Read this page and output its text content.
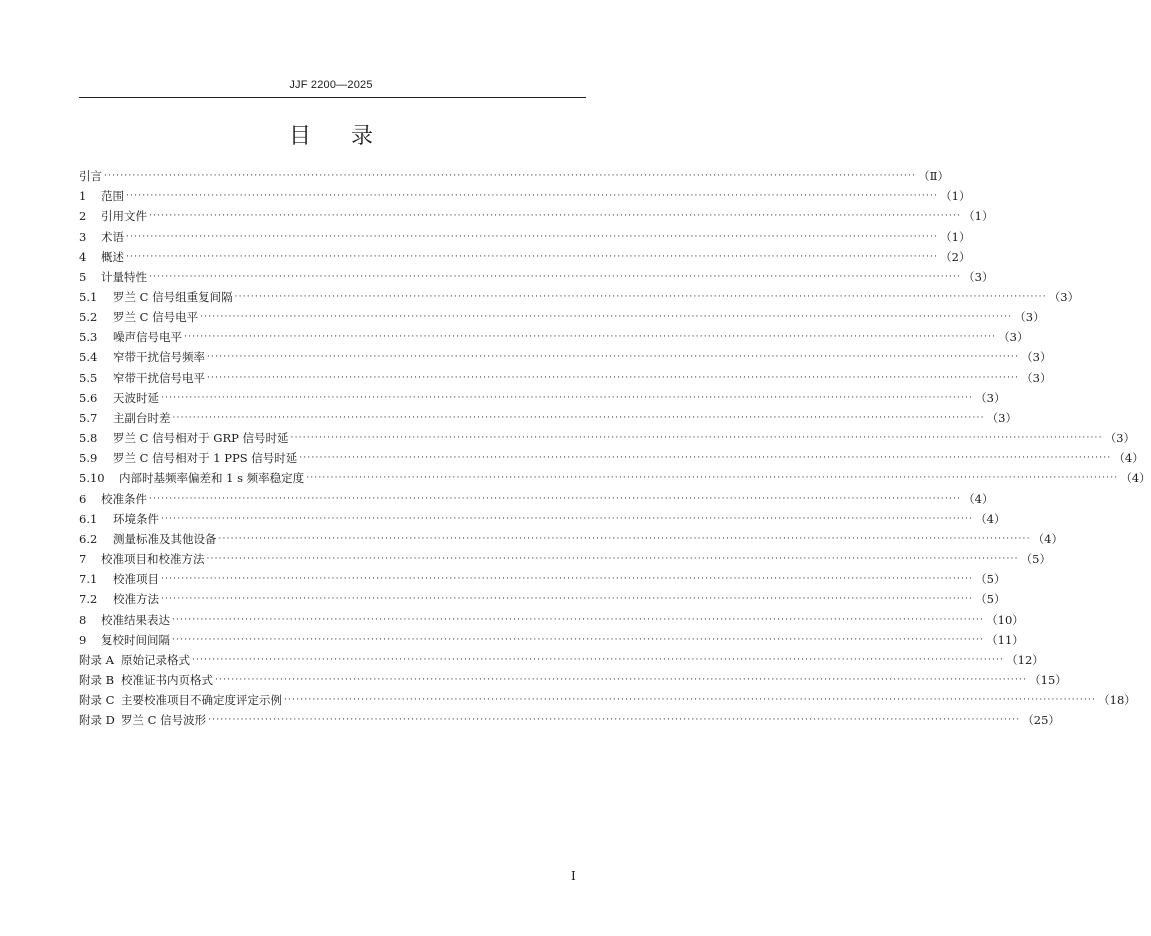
JJF 2200—2025
目录
引言 ········································································································································································································ （Ⅱ）
1	范围 ········································································································································································································ （1）
2	引用文件 ········································································································································································································ （1）
3	术语 ········································································································································································································ （1）
4	概述 ········································································································································································································ （2）
5	计量特性 ········································································································································································································ （3）
5.1	罗兰 C 信号组重复间隔 ········································································································································································································ （3）
5.2	罗兰 C 信号电平 ········································································································································································································ （3）
5.3	噪声信号电平 ········································································································································································································ （3）
5.4	窄带干扰信号频率 ········································································································································································································ （3）
5.5	窄带干扰信号电平 ········································································································································································································ （3）
5.6	天波时延 ········································································································································································································ （3）
5.7	主副台时差 ········································································································································································································ （3）
5.8	罗兰 C 信号相对于 GRP 信号时延 ········································································································································································································ （3）
5.9	罗兰 C 信号相对于 1 PPS 信号时延 ········································································································································································································ （4）
5.10	内部时基频率偏差和 1 s 频率稳定度 ········································································································································································································ （4）
6	校准条件 ········································································································································································································ （4）
6.1	环境条件 ········································································································································································································ （4）
6.2	测量标准及其他设备 ········································································································································································································ （4）
7	校准项目和校准方法 ········································································································································································································ （5）
7.1	校准项目 ········································································································································································································ （5）
7.2	校准方法 ········································································································································································································ （5）
8	校准结果表达 ········································································································································································································ （10）
9	复校时间间隔 ········································································································································································································ （11）
附录 A 原始记录格式 ········································································································································································································ （12）
附录 B 校准证书内页格式 ········································································································································································································ （15）
附录 C 主要校准项目不确定度评定示例 ········································································································································································································ （18）
附录 D 罗兰 C 信号波形 ········································································································································································································ （25）
I
